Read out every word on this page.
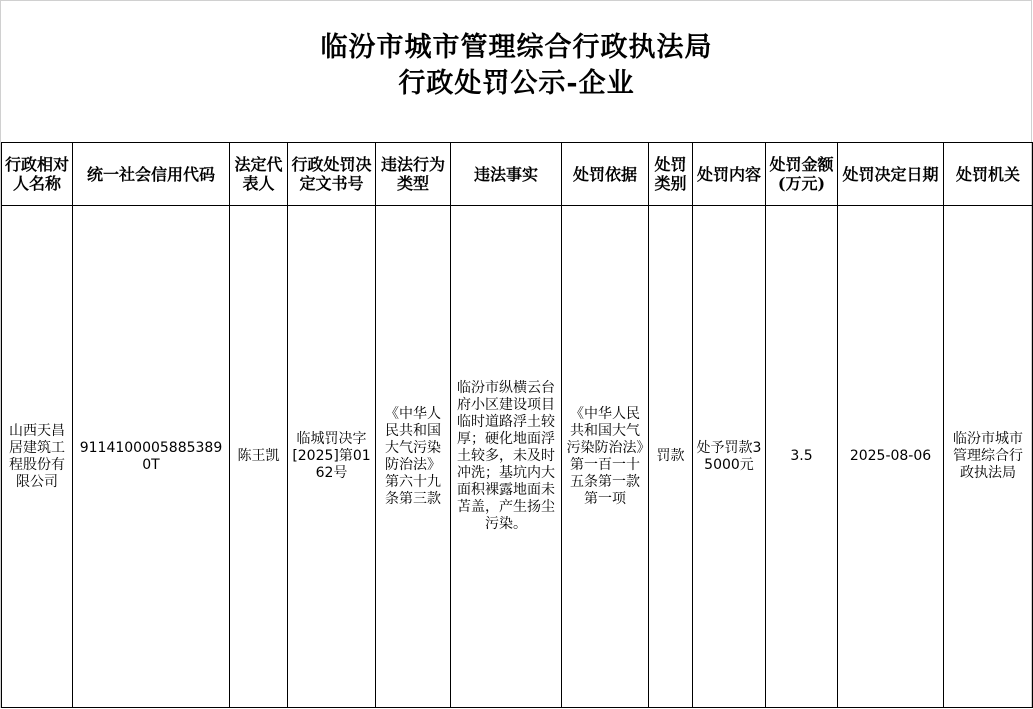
临汾市城市管理综合行政执法局
行政处罚公示-企业
行政相对人名称	统一社会信用代码	法定代表人	行政处罚决定文书号	违法行为类型	违法事实	处罚依据	处罚类别	处罚内容	处罚金额(万元)	处罚决定日期	处罚机关
山西天昌居建筑工程股份有限公司	91141000058853890T	陈王凯	临城罚决字[2025]第0162号	《中华人民共和国大气污染防治法》第六十九条第三款	临汾市纵横云台府小区建设项目临时道路浮土较厚；硬化地面浮土较多，未及时冲洗；基坑内大面积裸露地面未苫盖，产生扬尘污染。	《中华人民共和国大气污染防治法》第一百一十五条第一款第一项	罚款	处予罚款35000元	3.5	2025-08-06	临汾市城市管理综合行政执法局
